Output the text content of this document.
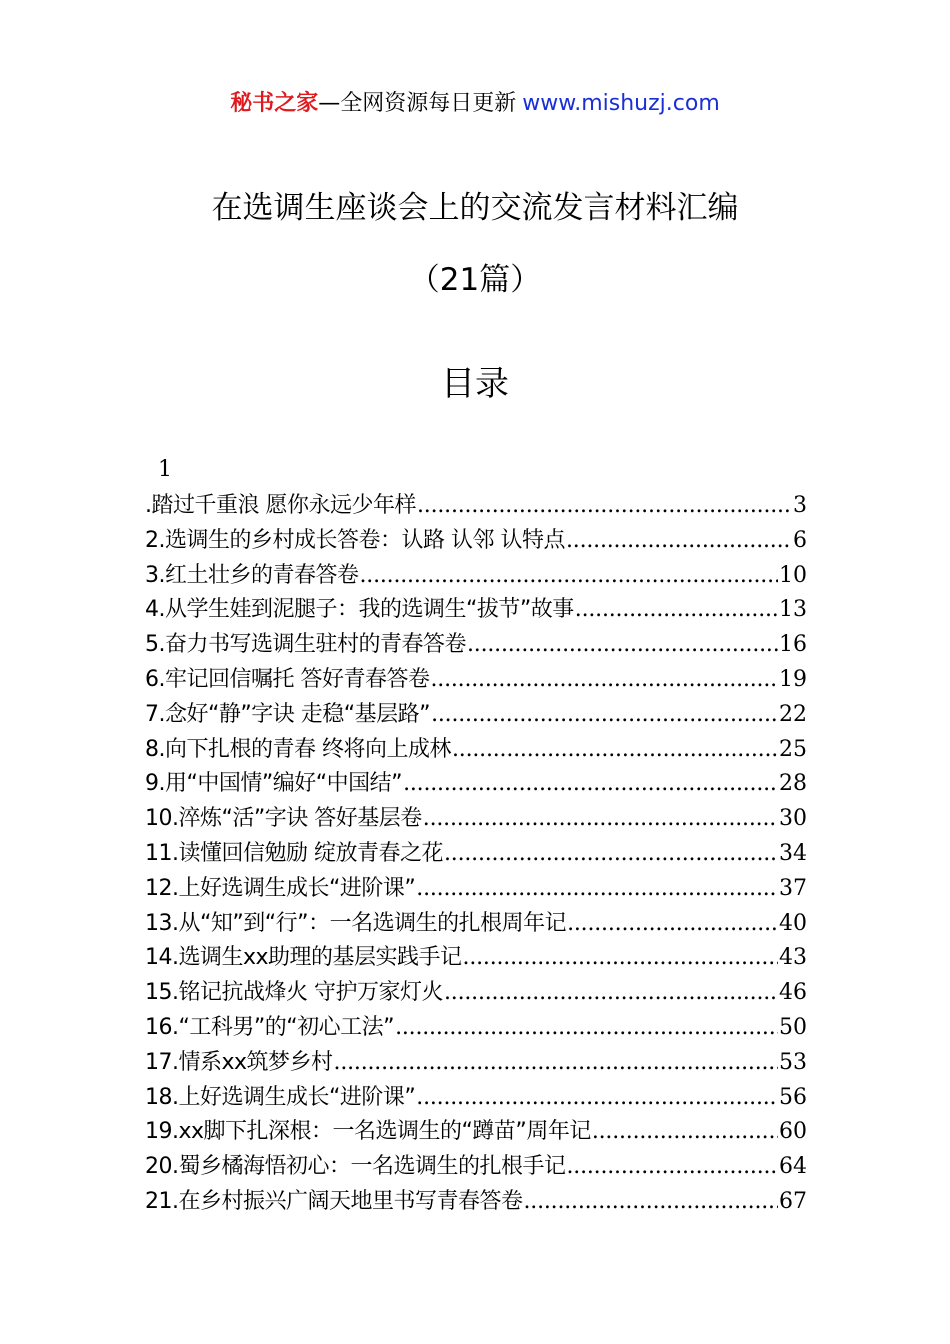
秘书之家—全网资源每日更新 www.mishuzj.com
在选调生座谈会上的交流发言材料汇编
（21篇）
目录
1
.踏过千重浪 愿你永远少年样 .....	3
2.选调生的乡村成长答卷：认路 认邻 认特点 .....	6
3.红土壮乡的青春答卷 .....	10
4.从学生娃到泥腿子：我的选调生“拔节”故事 .....	13
5.奋力书写选调生驻村的青春答卷 .....	16
6.牢记回信嘱托 答好青春答卷 .....	19
7.念好“静”字诀 走稳“基层路” .....	22
8.向下扎根的青春 终将向上成林 .....	25
9.用“中国情”编好“中国结” .....	28
10.淬炼“活”字诀 答好基层卷 .....	30
11.读懂回信勉励 绽放青春之花 .....	34
12.上好选调生成长“进阶课” .....	37
13.从“知”到“行”：一名选调生的扎根周年记 .....	40
14.选调生xx助理的基层实践手记 .....	43
15.铭记抗战烽火 守护万家灯火 .....	46
16.“工科男”的“初心工法” .....	50
17.情系xx筑梦乡村 .....	53
18.上好选调生成长“进阶课” .....	56
19.xx脚下扎深根：一名选调生的“蹲苗”周年记 .....	60
20.蜀乡橘海悟初心：一名选调生的扎根手记 .....	64
21.在乡村振兴广阔天地里书写青春答卷 .....	67
